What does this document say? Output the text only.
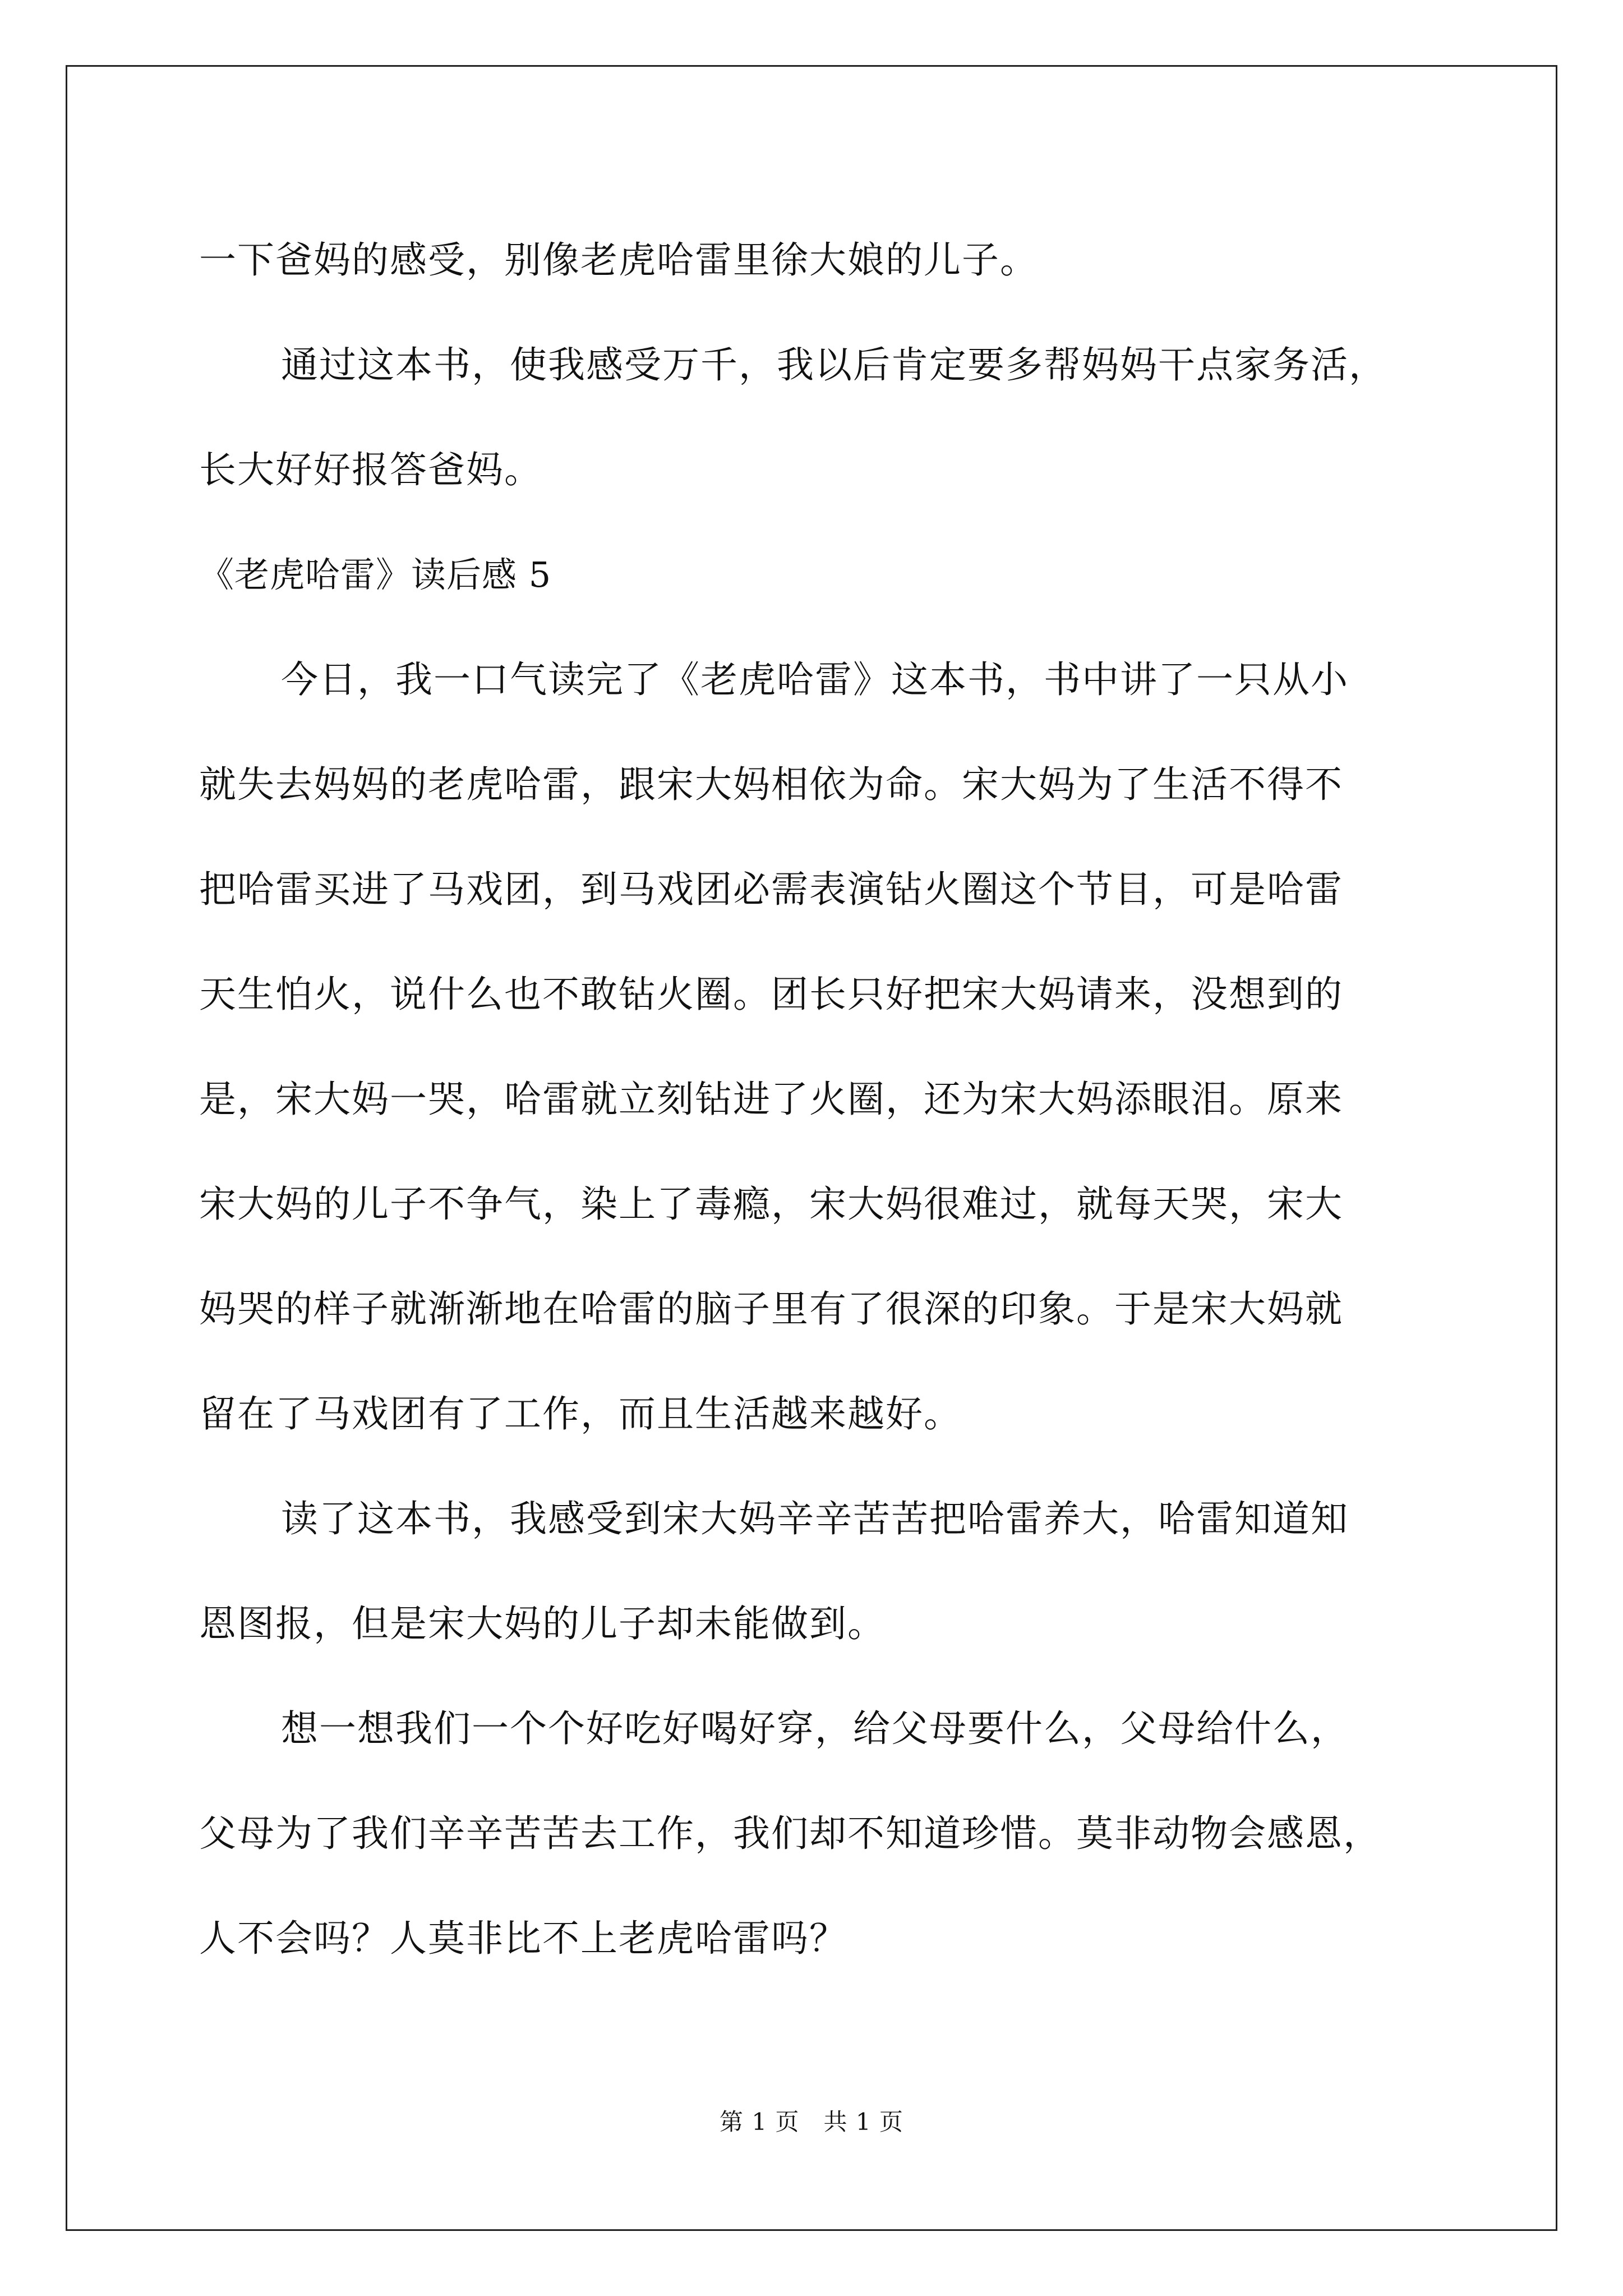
一下爸妈的感受，别像老虎哈雷里徐大娘的儿子。
通过这本书，使我感受万千，我以后肯定要多帮妈妈干点家务活，
长大好好报答爸妈。
《老虎哈雷》读后感 5
今日，我一口气读完了《老虎哈雷》这本书，书中讲了一只从小
就失去妈妈的老虎哈雷，跟宋大妈相依为命。宋大妈为了生活不得不
把哈雷买进了马戏团，到马戏团必需表演钻火圈这个节目，可是哈雷
天生怕火，说什么也不敢钻火圈。团长只好把宋大妈请来，没想到的
是，宋大妈一哭，哈雷就立刻钻进了火圈，还为宋大妈添眼泪。原来
宋大妈的儿子不争气，染上了毒瘾，宋大妈很难过，就每天哭，宋大
妈哭的样子就渐渐地在哈雷的脑子里有了很深的印象。于是宋大妈就
留在了马戏团有了工作，而且生活越来越好。
读了这本书，我感受到宋大妈辛辛苦苦把哈雷养大，哈雷知道知
恩图报，但是宋大妈的儿子却未能做到。
想一想我们一个个好吃好喝好穿，给父母要什么，父母给什么，
父母为了我们辛辛苦苦去工作，我们却不知道珍惜。莫非动物会感恩，
人不会吗？人莫非比不上老虎哈雷吗？
第 1 页   共 1 页
